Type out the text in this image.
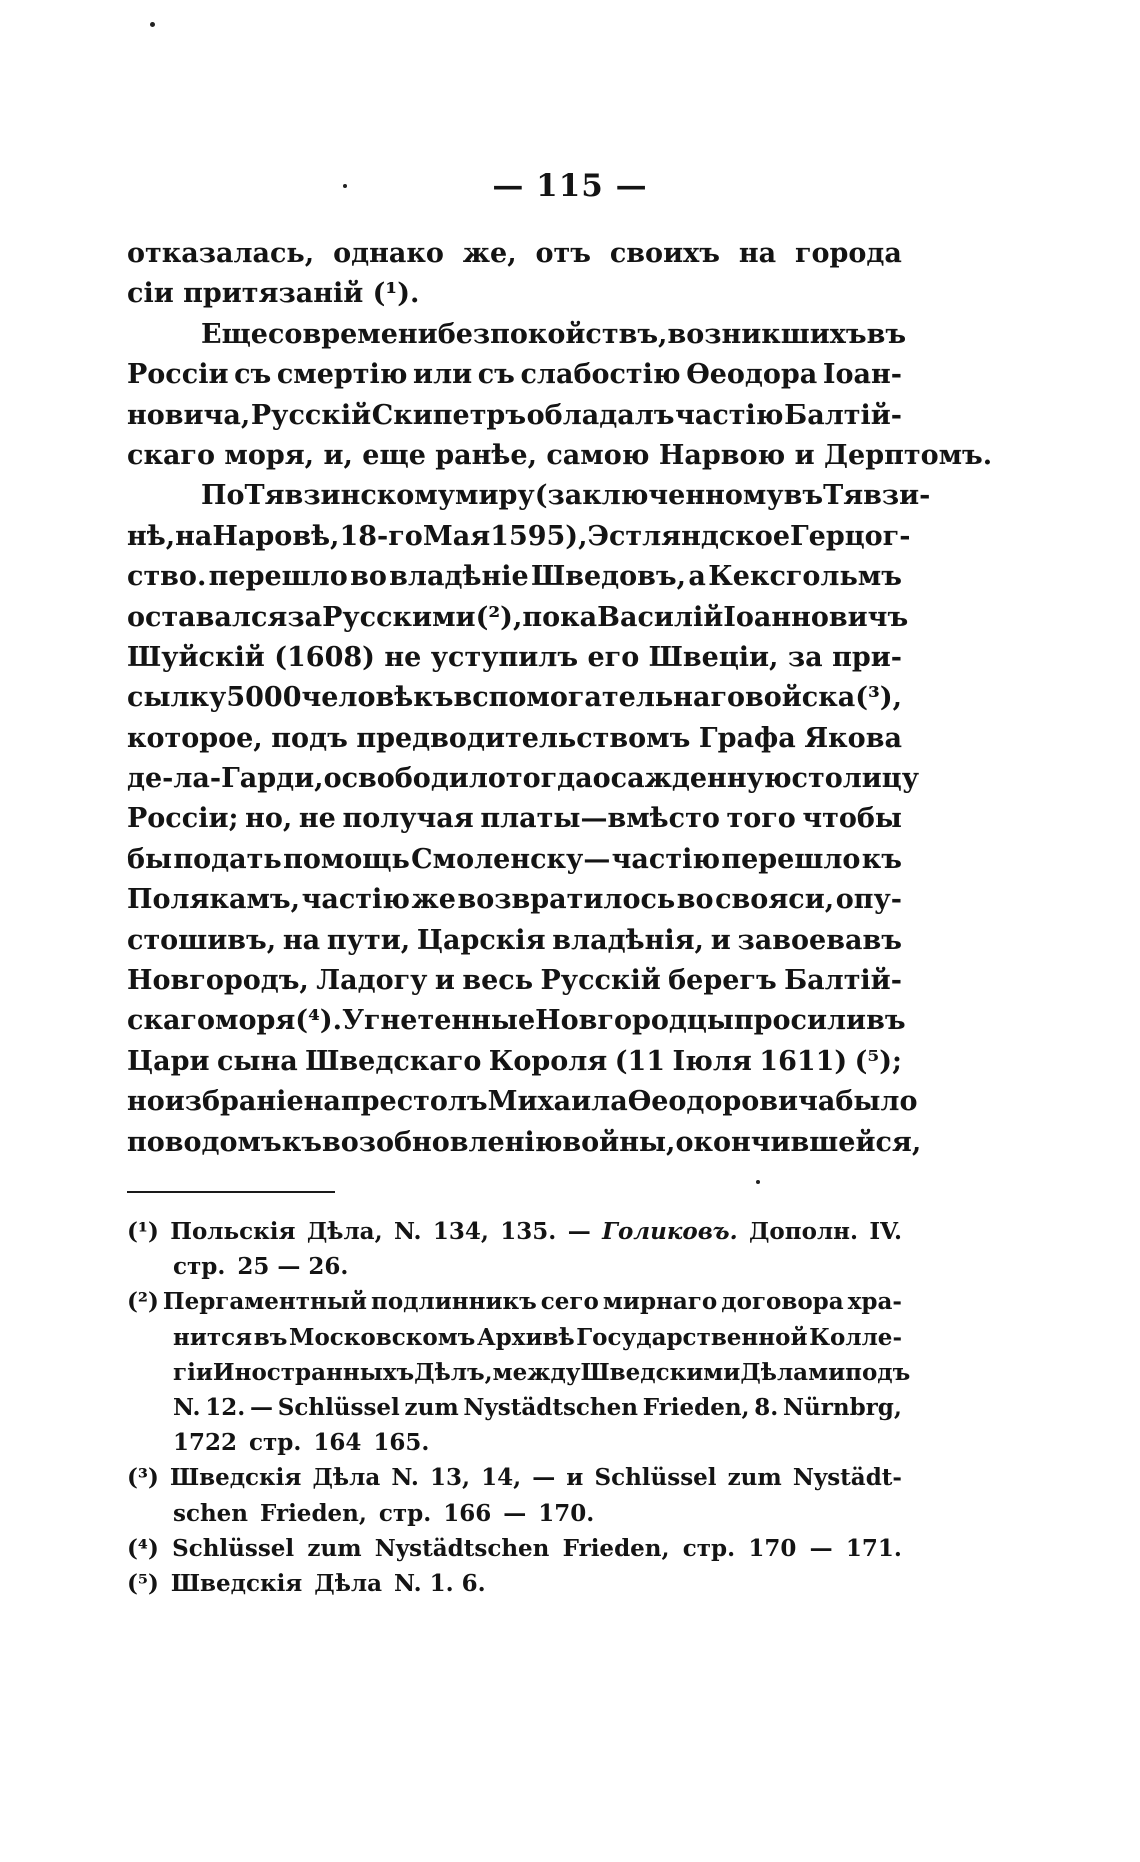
— 115 —
отказалась, однако же, отъ своихъ на города
сіи притязаній (¹).
Еще со времени безпокойствъ, возникшихъ въ
Россіи съ смертію или съ слабостію Өеодора Іоан-
новича, Русскій Скипетръ обладалъ частію Балтій-
скаго моря, и, еще ранѣе, самою Нарвою и Дерптомъ.
По Тявзинскому миру (заключенному въ Тявзи-
нѣ, на Наровѣ, 18-го Мая 1595), Эстляндское Герцог-
ство. перешло во владѣніе Шведовъ, а Кексгольмъ
оставался за Русскими (²), пока Василій Іоанновичъ
Шуйскій (1608) не уступилъ его Швеціи, за при-
сылку 5000 человѣкъ вспомогательнаго войска (³),
которое, подъ предводительствомъ Графа Якова
де-ла - Гарди, освободило тогда осажденную столицу
Россіи; но, не получая платы—вмѣсто того чтобы
бы подать помощь Смоленску— частію перешло къ
Полякамъ, частію же возвратилось во свояси, опу-
стошивъ, на пути, Царскія владѣнія, и завоевавъ
Новгородъ, Ладогу и весь Русскій берегъ Балтій-
скаго моря (⁴). Угнетенные Новгородцы просили въ
Цари сына Шведскаго Короля (11 Іюля 1611) (⁵);
но избраніе на престолъ Михаила Өеодоровича было
поводомъ къ возобновленію войны, окончившейся,
(¹) Польскія Дѣла, N. 134, 135. — Голиковъ. Дополн. IV.
стр. 25 — 26.
(²) Пергаментный подлинникъ сего мирнаго договора хра-
нится въ Московскомъ Архивѣ Государственной Колле-
гіи Иностранныхъ Дѣлъ, между Шведскими Дѣлами подъ
N. 12. — Schlüssel zum Nystädtschen Frieden, 8. Nürnbrg,
1722 стр. 164 165.
(³) Шведскія Дѣла N. 13, 14, — и Schlüssel zum Nystädt-
schen Frieden, стр. 166 — 170.
(⁴) Schlüssel zum Nystädtschen Frieden, стр. 170 — 171.
(⁵) Шведскія Дѣла N. 1. 6.
